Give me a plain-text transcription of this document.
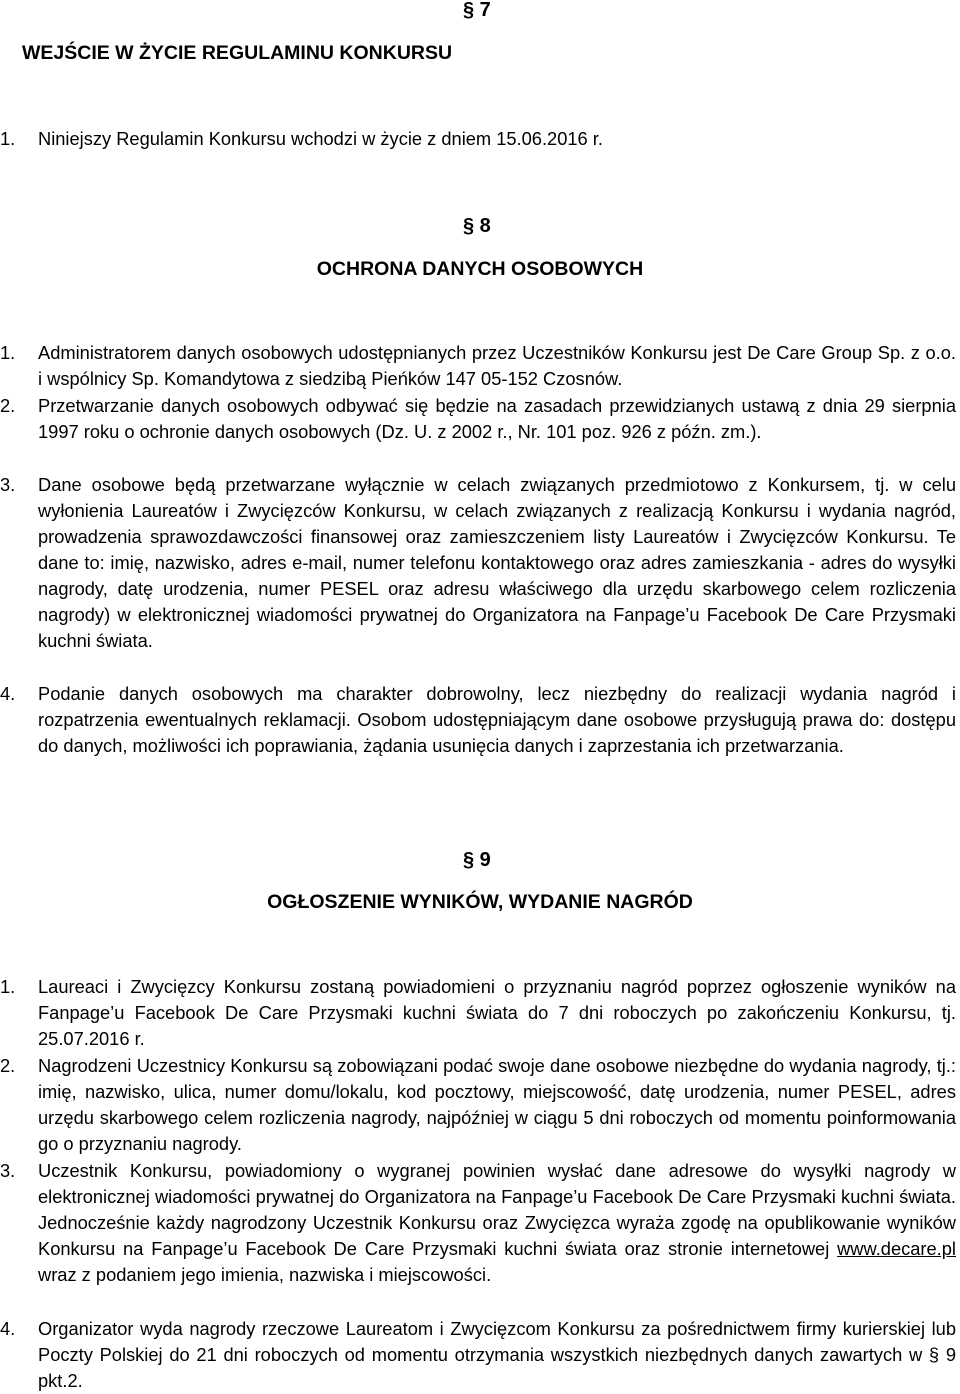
§ 7
WEJŚCIE W ŻYCIE REGULAMINU KONKURSU
1.	Niniejszy Regulamin Konkursu wchodzi w życie z dniem 15.06.2016 r.
§ 8
OCHRONA DANYCH OSOBOWYCH
1.	Administratorem danych osobowych udostępnianych przez Uczestników Konkursu jest De Care Group Sp. z o.o. i wspólnicy Sp. Komandytowa z siedzibą Pieńków 147 05-152 Czosnów.
2.	Przetwarzanie danych osobowych odbywać się będzie na zasadach przewidzianych ustawą z dnia 29 sierpnia 1997 roku o ochronie danych osobowych (Dz. U. z 2002 r., Nr. 101 poz. 926 z późn. zm.).
3.	Dane osobowe będą przetwarzane wyłącznie w celach związanych przedmiotowo z Konkursem, tj. w celu wyłonienia Laureatów i Zwycięzców Konkursu, w celach związanych z realizacją Konkursu i wydania nagród, prowadzenia sprawozdawczości finansowej oraz zamieszczeniem listy Laureatów i Zwycięzców Konkursu. Te dane to: imię, nazwisko, adres e-mail, numer telefonu kontaktowego oraz adres zamieszkania - adres do wysyłki nagrody, datę urodzenia, numer PESEL oraz adresu właściwego dla urzędu skarbowego celem rozliczenia nagrody) w elektronicznej wiadomości prywatnej do Organizatora na Fanpage’u Facebook De Care Przysmaki kuchni świata.
4.	Podanie danych osobowych ma charakter dobrowolny, lecz niezbędny do realizacji wydania nagród i rozpatrzenia ewentualnych reklamacji. Osobom udostępniającym dane osobowe przysługują prawa do: dostępu do danych, możliwości ich poprawiania, żądania usunięcia danych i zaprzestania ich przetwarzania.
§ 9
OGŁOSZENIE WYNIKÓW, WYDANIE NAGRÓD
1.	Laureaci i Zwycięzcy Konkursu zostaną powiadomieni o przyznaniu nagród poprzez ogłoszenie wyników na Fanpage’u Facebook De Care Przysmaki kuchni świata do 7 dni roboczych po zakończeniu Konkursu, tj. 25.07.2016 r.
2.	Nagrodzeni Uczestnicy Konkursu są zobowiązani podać swoje dane osobowe niezbędne do wydania nagrody, tj.: imię, nazwisko, ulica, numer domu/lokalu, kod pocztowy, miejscowość, datę urodzenia, numer PESEL, adres urzędu skarbowego celem rozliczenia nagrody, najpóźniej w ciągu 5 dni roboczych od momentu poinformowania go o przyznaniu nagrody.
3.	Uczestnik Konkursu, powiadomiony o wygranej powinien wysłać dane adresowe do wysyłki nagrody w elektronicznej wiadomości prywatnej do Organizatora na Fanpage’u Facebook De Care Przysmaki kuchni świata. Jednocześnie każdy nagrodzony Uczestnik Konkursu oraz Zwycięzca wyraża zgodę na opublikowanie wyników Konkursu na Fanpage’u Facebook De Care Przysmaki kuchni świata oraz stronie internetowej www.decare.pl wraz z podaniem jego imienia, nazwiska i miejscowości.
4.	Organizator wyda nagrody rzeczowe Laureatom i Zwycięzcom Konkursu za pośrednictwem firmy kurierskiej lub Poczty Polskiej do 21 dni roboczych od momentu otrzymania wszystkich niezbędnych danych zawartych w § 9 pkt.2.
